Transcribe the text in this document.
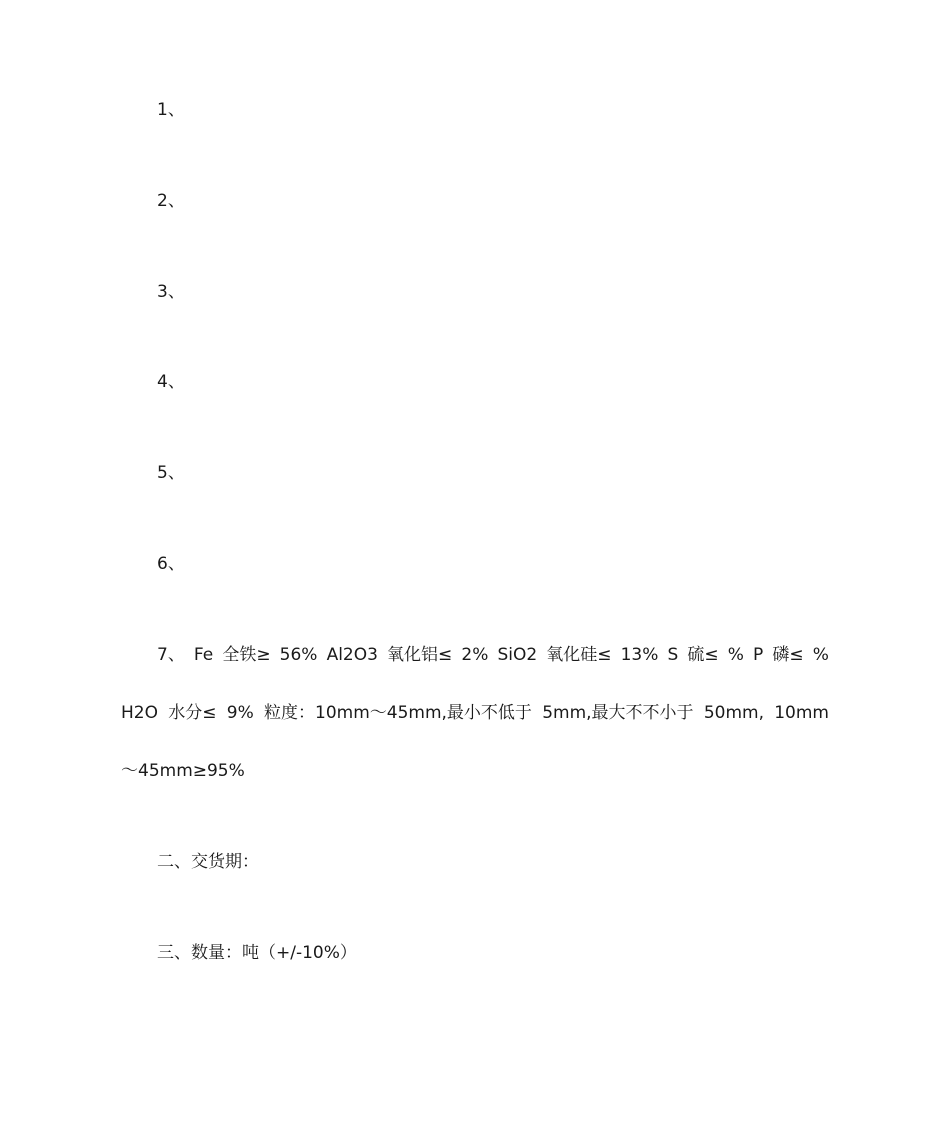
1、
2、
3、
4、
5、
6、
7、 Fe 全铁≥ 56% Al2O3 氧化铝≤ 2% SiO2 氧化硅≤ 13% S 硫≤ % P 磷≤ %
H2O 水分≤ 9% 粒度：10mm～45mm,最小不低于 5mm,最大不不小于 50mm, 10mm
～45mm≥95%
二、交货期：
三、数量：吨（+/-10%）
